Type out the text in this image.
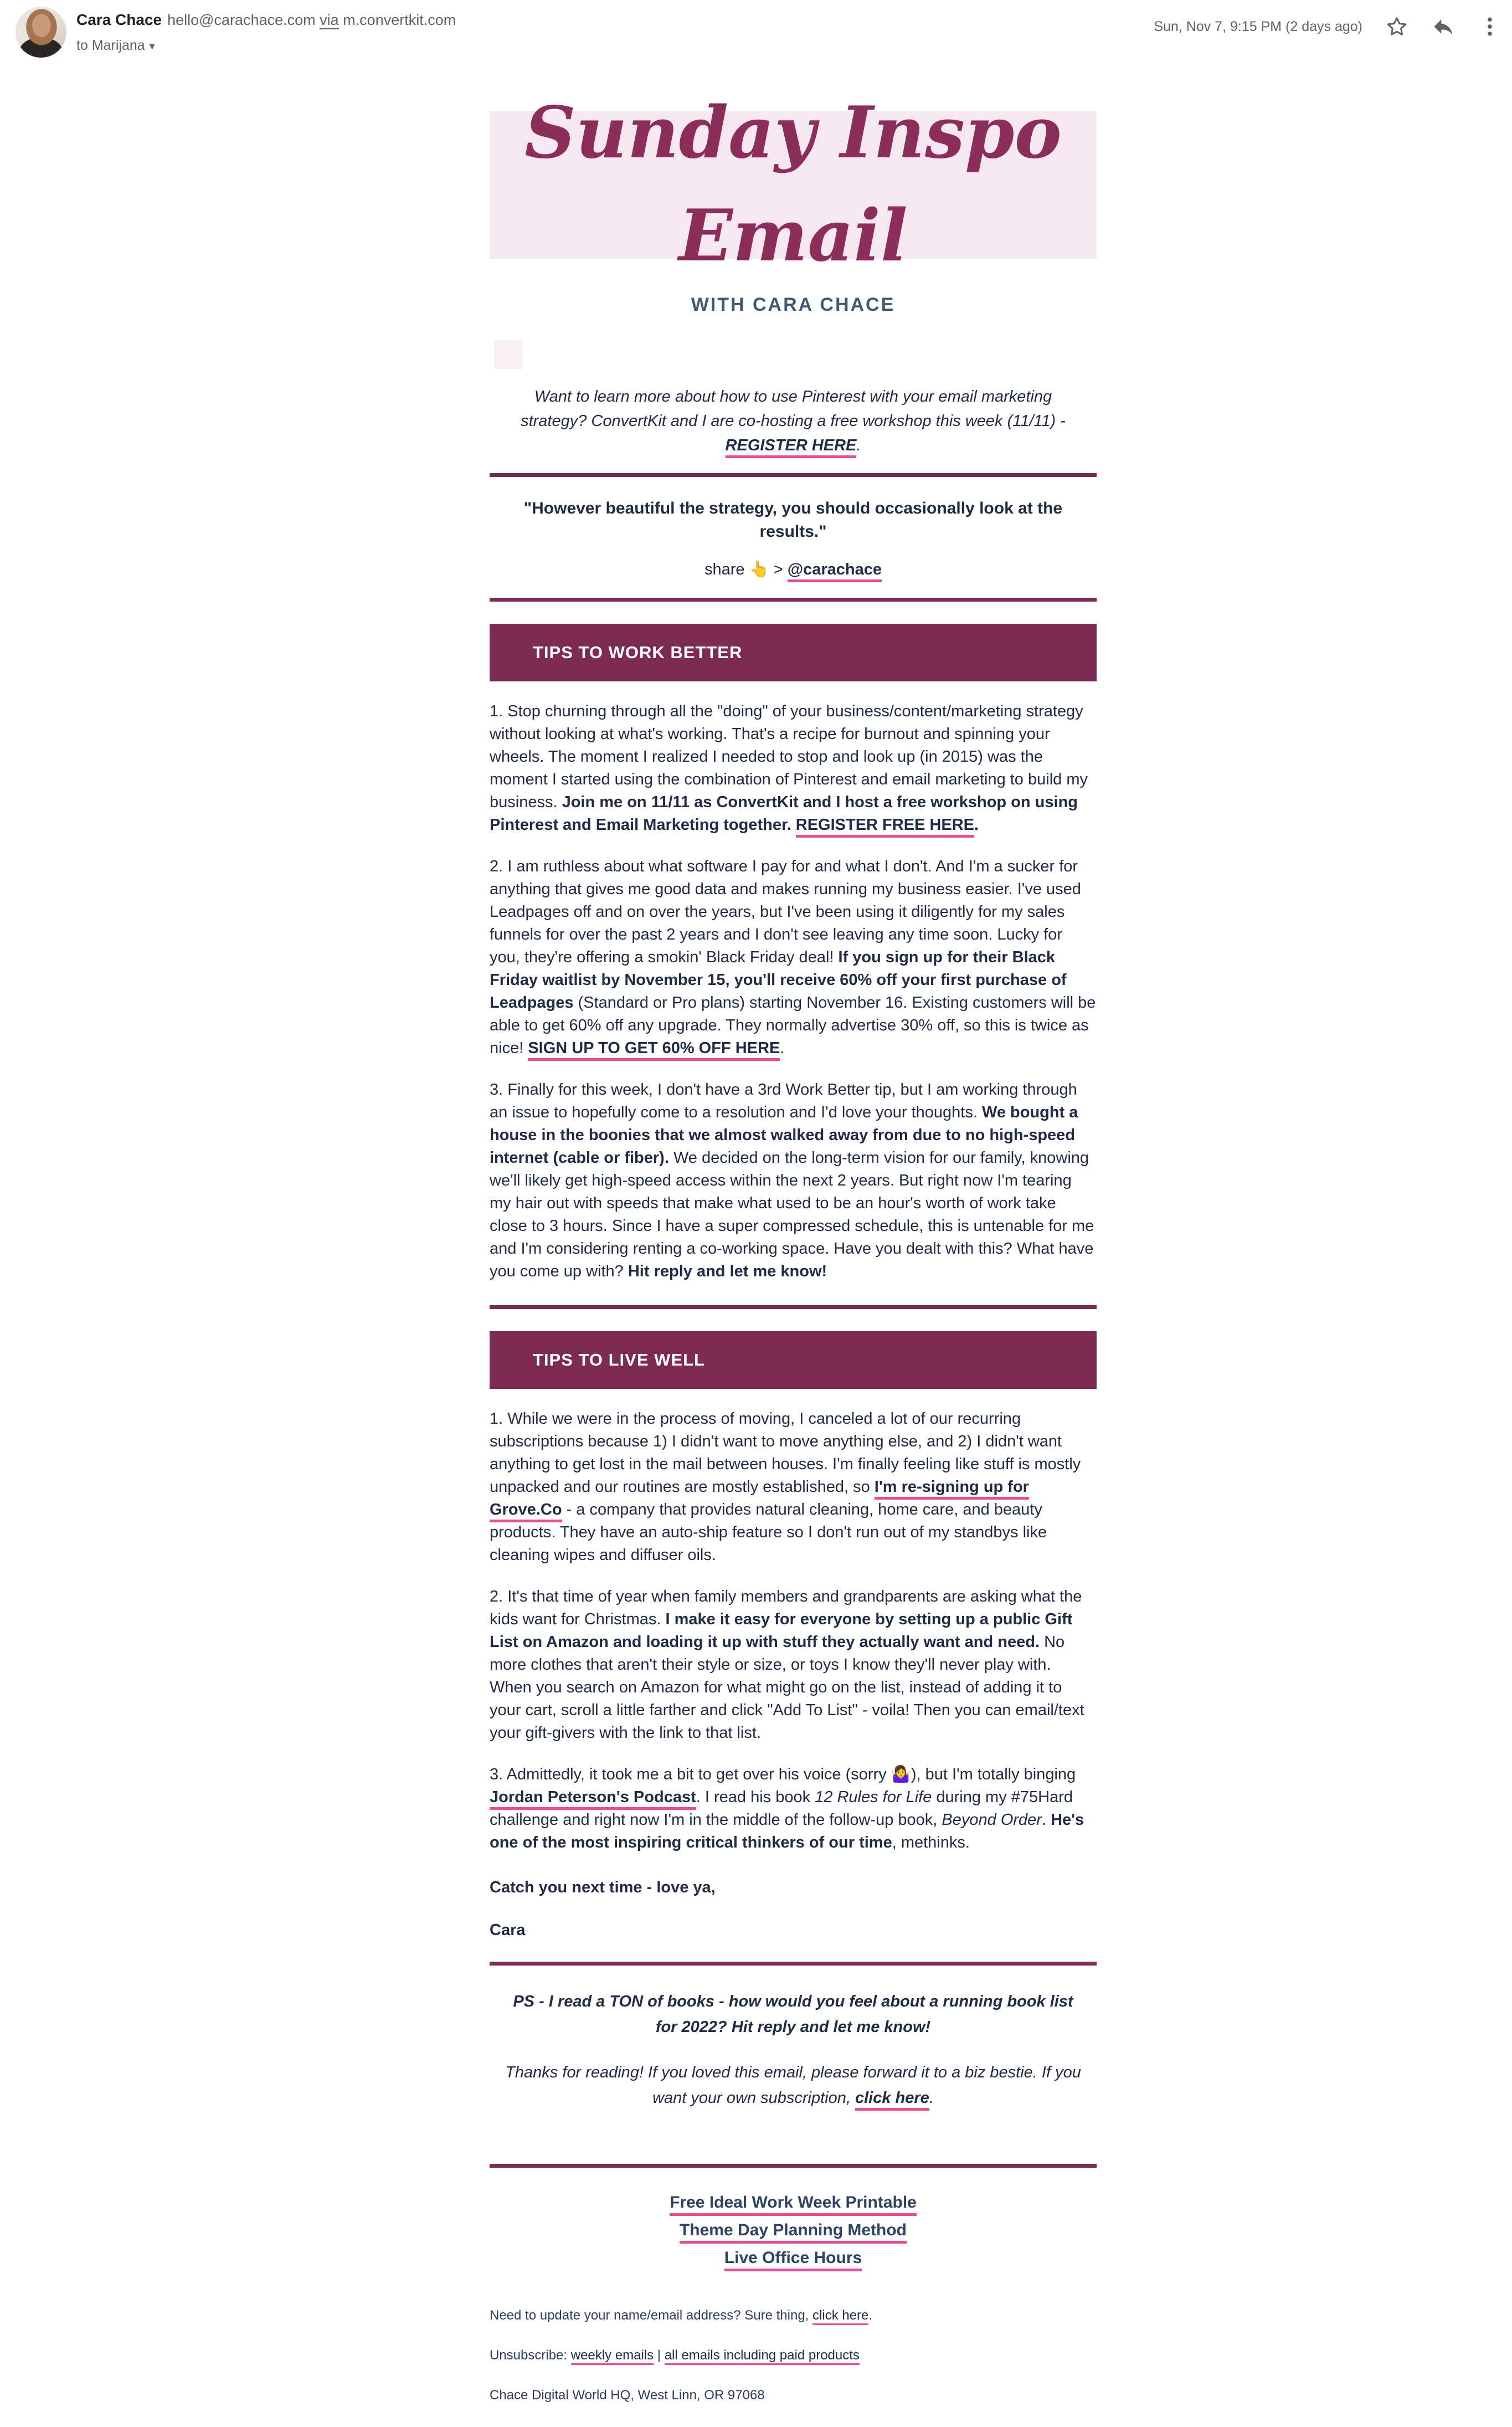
Cara Chace hello@carachace.com via m.convertkit.com
to Marijana ▾
Sun, Nov 7, 9:15 PM (2 days ago)
Sunday Inspo Email
WITH CARA CHACE

Want to learn more about how to use Pinterest with your email marketing strategy? ConvertKit and I are co-hosting a free workshop this week (11/11) - REGISTER HERE.

"However beautiful the strategy, you should occasionally look at the results."

share 👆 > @carachace

TIPS TO WORK BETTER

1. Stop churning through all the "doing" of your business/content/marketing strategy without looking at what's working. That's a recipe for burnout and spinning your wheels. The moment I realized I needed to stop and look up (in 2015) was the moment I started using the combination of Pinterest and email marketing to build my business. Join me on 11/11 as ConvertKit and I host a free workshop on using Pinterest and Email Marketing together. REGISTER FREE HERE.

2. I am ruthless about what software I pay for and what I don't. And I'm a sucker for anything that gives me good data and makes running my business easier. I've used Leadpages off and on over the years, but I've been using it diligently for my sales funnels for over the past 2 years and I don't see leaving any time soon. Lucky for you, they're offering a smokin' Black Friday deal! If you sign up for their Black Friday waitlist by November 15, you'll receive 60% off your first purchase of Leadpages (Standard or Pro plans) starting November 16. Existing customers will be able to get 60% off any upgrade. They normally advertise 30% off, so this is twice as nice! SIGN UP TO GET 60% OFF HERE.

3. Finally for this week, I don't have a 3rd Work Better tip, but I am working through an issue to hopefully come to a resolution and I'd love your thoughts. We bought a house in the boonies that we almost walked away from due to no high-speed internet (cable or fiber). We decided on the long-term vision for our family, knowing we'll likely get high-speed access within the next 2 years. But right now I'm tearing my hair out with speeds that make what used to be an hour's worth of work take close to 3 hours. Since I have a super compressed schedule, this is untenable for me and I'm considering renting a co-working space. Have you dealt with this? What have you come up with? Hit reply and let me know!

TIPS TO LIVE WELL

1. While we were in the process of moving, I canceled a lot of our recurring subscriptions because 1) I didn't want to move anything else, and 2) I didn't want anything to get lost in the mail between houses. I'm finally feeling like stuff is mostly unpacked and our routines are mostly established, so I'm re-signing up for Grove.Co - a company that provides natural cleaning, home care, and beauty products. They have an auto-ship feature so I don't run out of my standbys like cleaning wipes and diffuser oils.

2. It's that time of year when family members and grandparents are asking what the kids want for Christmas. I make it easy for everyone by setting up a public Gift List on Amazon and loading it up with stuff they actually want and need. No more clothes that aren't their style or size, or toys I know they'll never play with. When you search on Amazon for what might go on the list, instead of adding it to your cart, scroll a little farther and click "Add To List" - voila! Then you can email/text your gift-givers with the link to that list.

3. Admittedly, it took me a bit to get over his voice (sorry 🤷‍♀️), but I'm totally binging Jordan Peterson's Podcast. I read his book 12 Rules for Life during my #75Hard challenge and right now I'm in the middle of the follow-up book, Beyond Order. He's one of the most inspiring critical thinkers of our time, methinks.

Catch you next time - love ya,

Cara

PS - I read a TON of books - how would you feel about a running book list for 2022? Hit reply and let me know!

Thanks for reading! If you loved this email, please forward it to a biz bestie. If you want your own subscription, click here.

Free Ideal Work Week Printable
Theme Day Planning Method
Live Office Hours

Need to update your name/email address? Sure thing, click here.

Unsubscribe: weekly emails | all emails including paid products

Chace Digital World HQ, West Linn, OR 97068
